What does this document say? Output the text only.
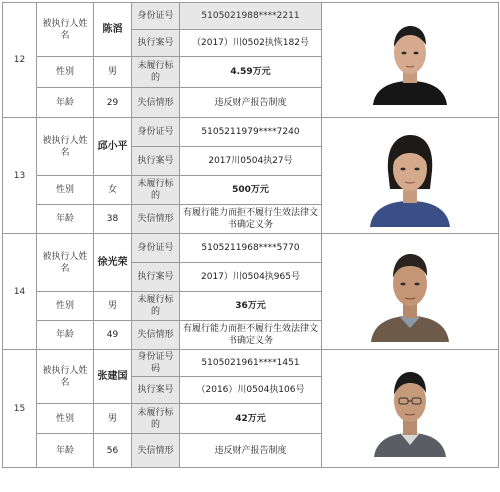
12	被执行人姓名	陈滔	身份证号	5105021988****2211	

			执行案号	（2017）川0502执恢182号	
	性别	男	未履行标的	4.59万元	
	年龄	29	失信情形	违反财产报告制度	
13	被执行人姓名	邱小平	身份证号	5105211979****7240	

			执行案号	2017川0504执27号	
	性别	女	未履行标的	500万元	
	年龄	38	失信情形	有履行能力而拒不履行生效法律文书确定义务	
14	被执行人姓名	徐光荣	身份证号	5105211968****5770	

			执行案号	2017）川0504执965号	
	性别	男	未履行标的	36万元	
	年龄	49	失信情形	有履行能力而拒不履行生效法律文书确定义务	
15	被执行人姓名	张建国	身份证号码	5105021961****1451	

			执行案号	（2016）川0504执106号	
	性别	男	未履行标的	42万元	
	年龄	56	失信情形	违反财产报告制度	
